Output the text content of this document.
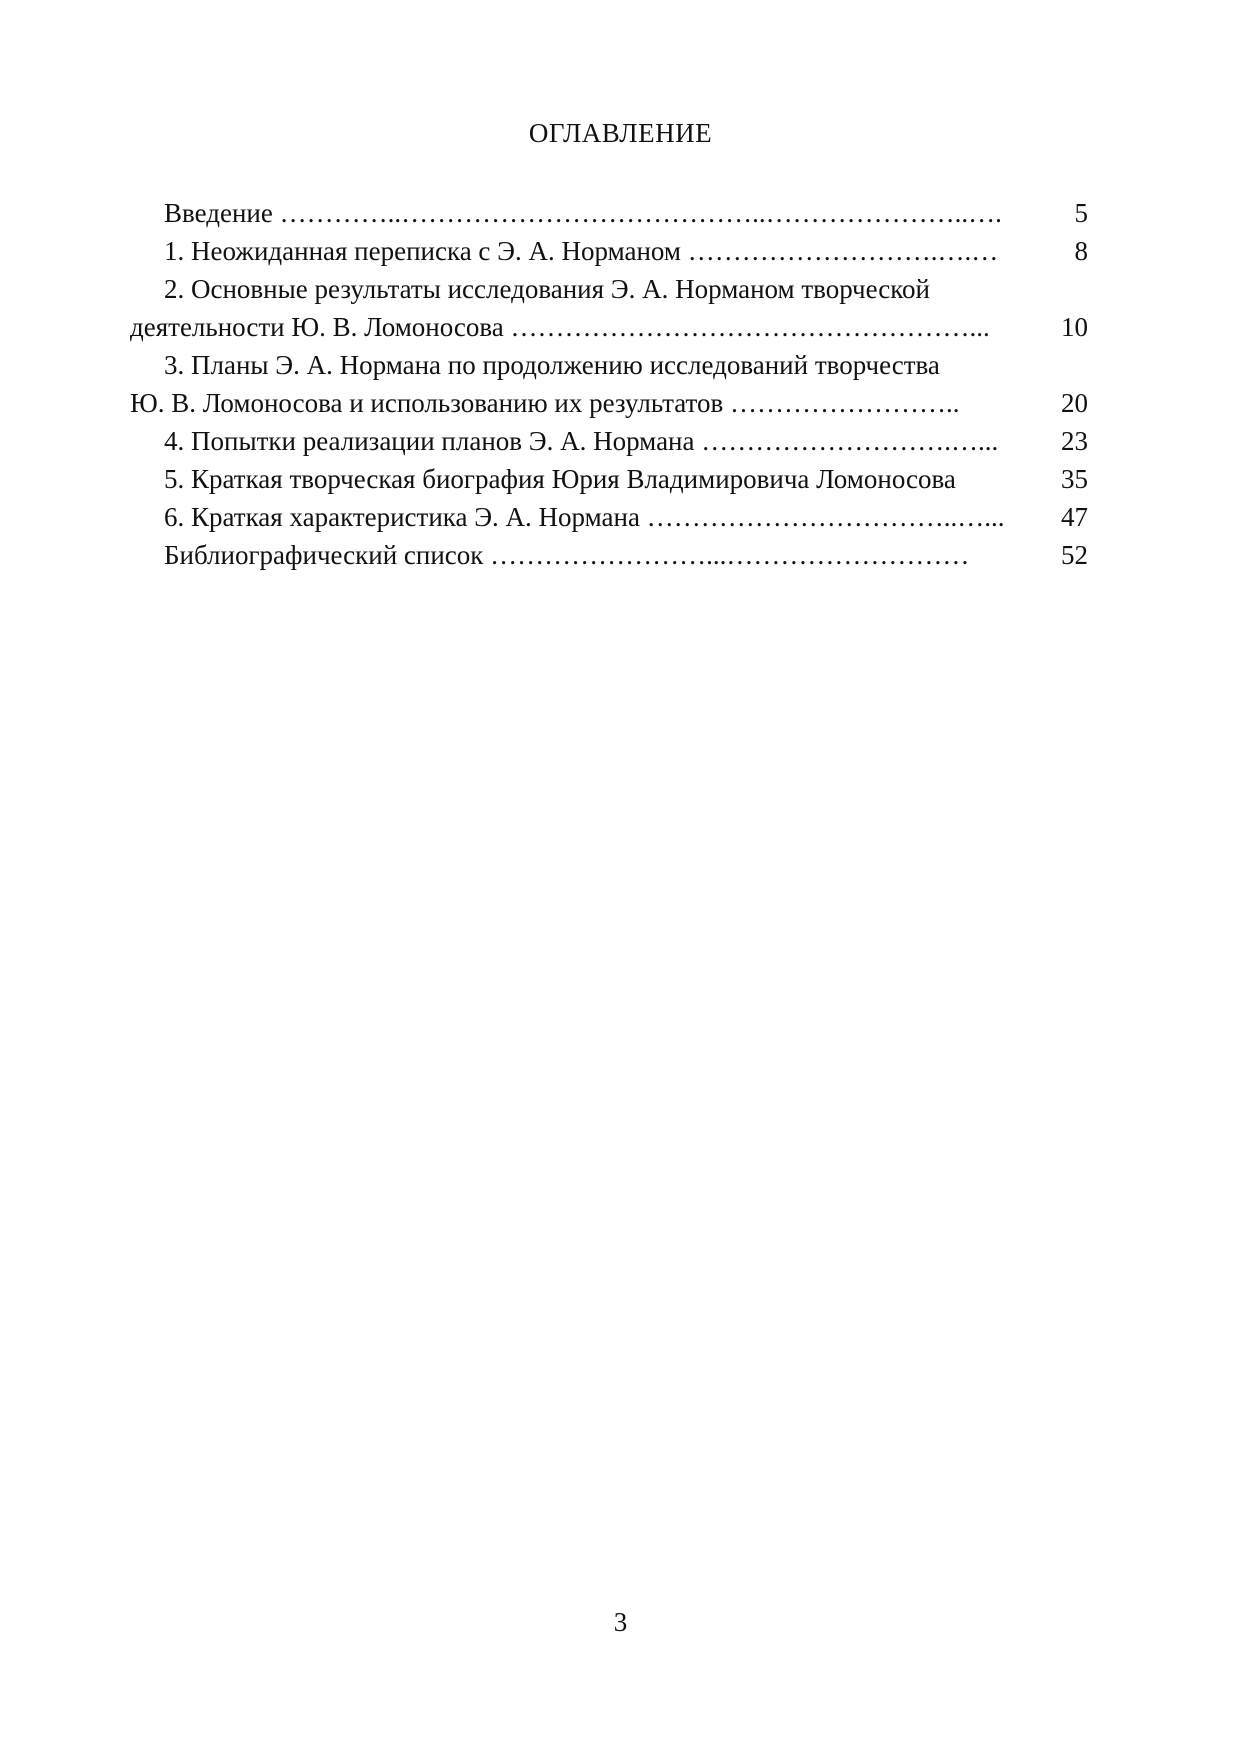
ОГЛАВЛЕНИЕ
Введение …………..…………………………………..…………………..….	5
1. Неожиданная переписка с Э. А. Норманом ……………………….….…	8
2. Основные результаты исследования Э. А. Норманом творческой
деятельности Ю. В. Ломоносова ……………………………………………...	10
3. Планы Э. А. Нормана по продолжению исследований творчества
Ю. В. Ломоносова и использованию их результатов ……………………..	20
4. Попытки реализации планов Э. А. Нормана ……………………….…...	23
5. Краткая творческая биография Юрия Владимировича Ломоносова	35
6. Краткая характеристика Э. А. Нормана ……………………………..…...	47
Библиографический список ……………………...………………………	52
3
